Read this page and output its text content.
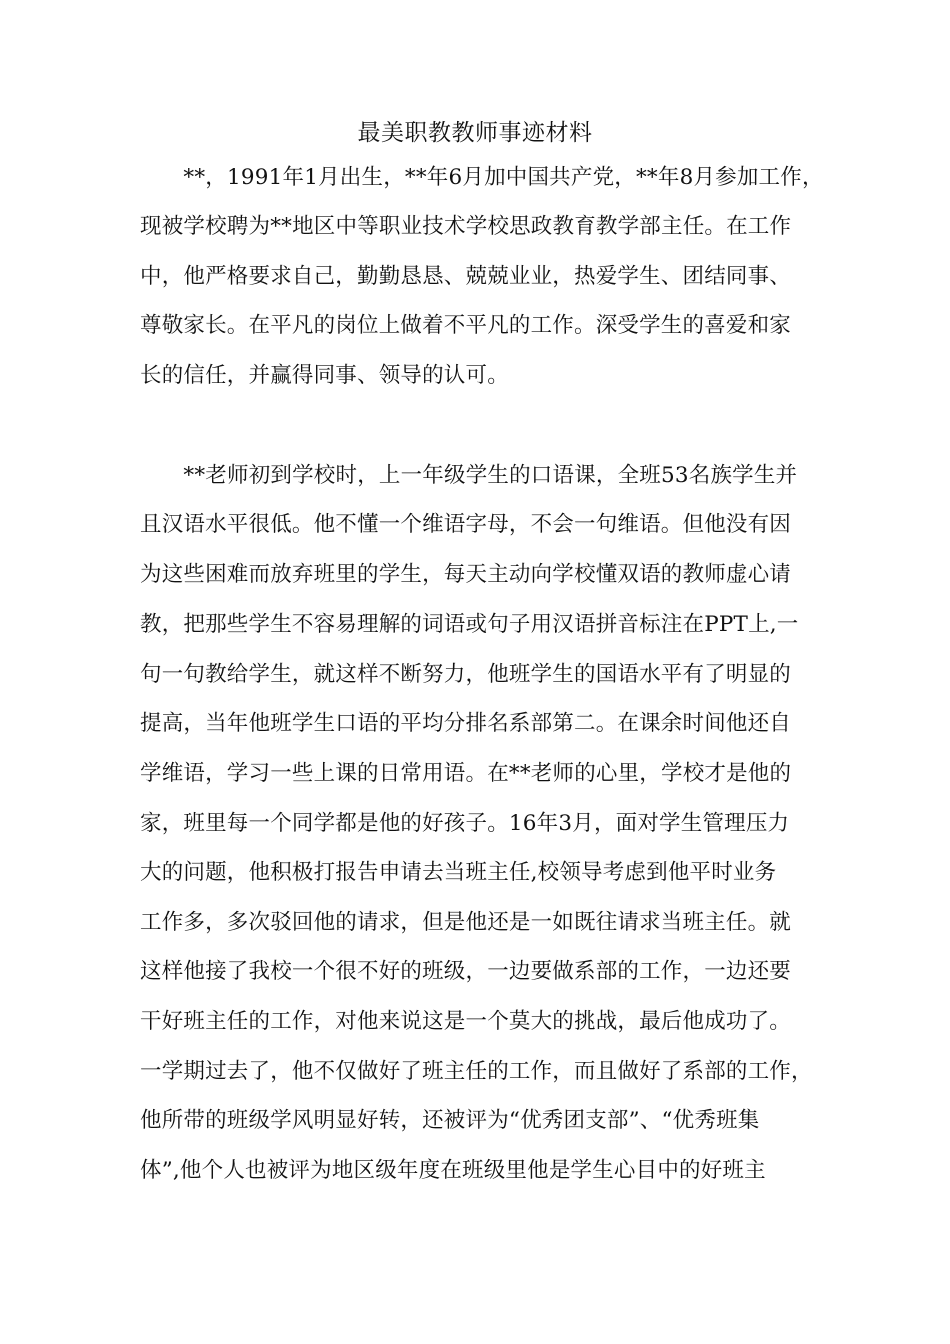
最美职教教师事迹材料
　　**，1991年1月出生，**年6月加中国共产党，**年8月参加工作，
现被学校聘为**地区中等职业技术学校思政教育教学部主任。在工作
中，他严格要求自己，勤勤恳恳、兢兢业业，热爱学生、团结同事、
尊敬家长。在平凡的岗位上做着不平凡的工作。深受学生的喜爱和家
长的信任，并赢得同事、领导的认可。
　　**老师初到学校时，上一年级学生的口语课，全班53名族学生并
且汉语水平很低。他不懂一个维语字母，不会一句维语。但他没有因
为这些困难而放弃班里的学生，每天主动向学校懂双语的教师虚心请
教，把那些学生不容易理解的词语或句子用汉语拼音标注在PPT上,一
句一句教给学生，就这样不断努力，他班学生的国语水平有了明显的
提高，当年他班学生口语的平均分排名系部第二。在课余时间他还自
学维语，学习一些上课的日常用语。在**老师的心里，学校才是他的
家，班里每一个同学都是他的好孩子。16年3月，面对学生管理压力
大的问题，他积极打报告申请去当班主任,校领导考虑到他平时业务
工作多，多次驳回他的请求，但是他还是一如既往请求当班主任。就
这样他接了我校一个很不好的班级，一边要做系部的工作，一边还要
干好班主任的工作，对他来说这是一个莫大的挑战，最后他成功了。
一学期过去了，他不仅做好了班主任的工作，而且做好了系部的工作，
他所带的班级学风明显好转，还被评为“优秀团支部”、“优秀班集
体”,他个人也被评为地区级年度在班级里他是学生心目中的好班主
